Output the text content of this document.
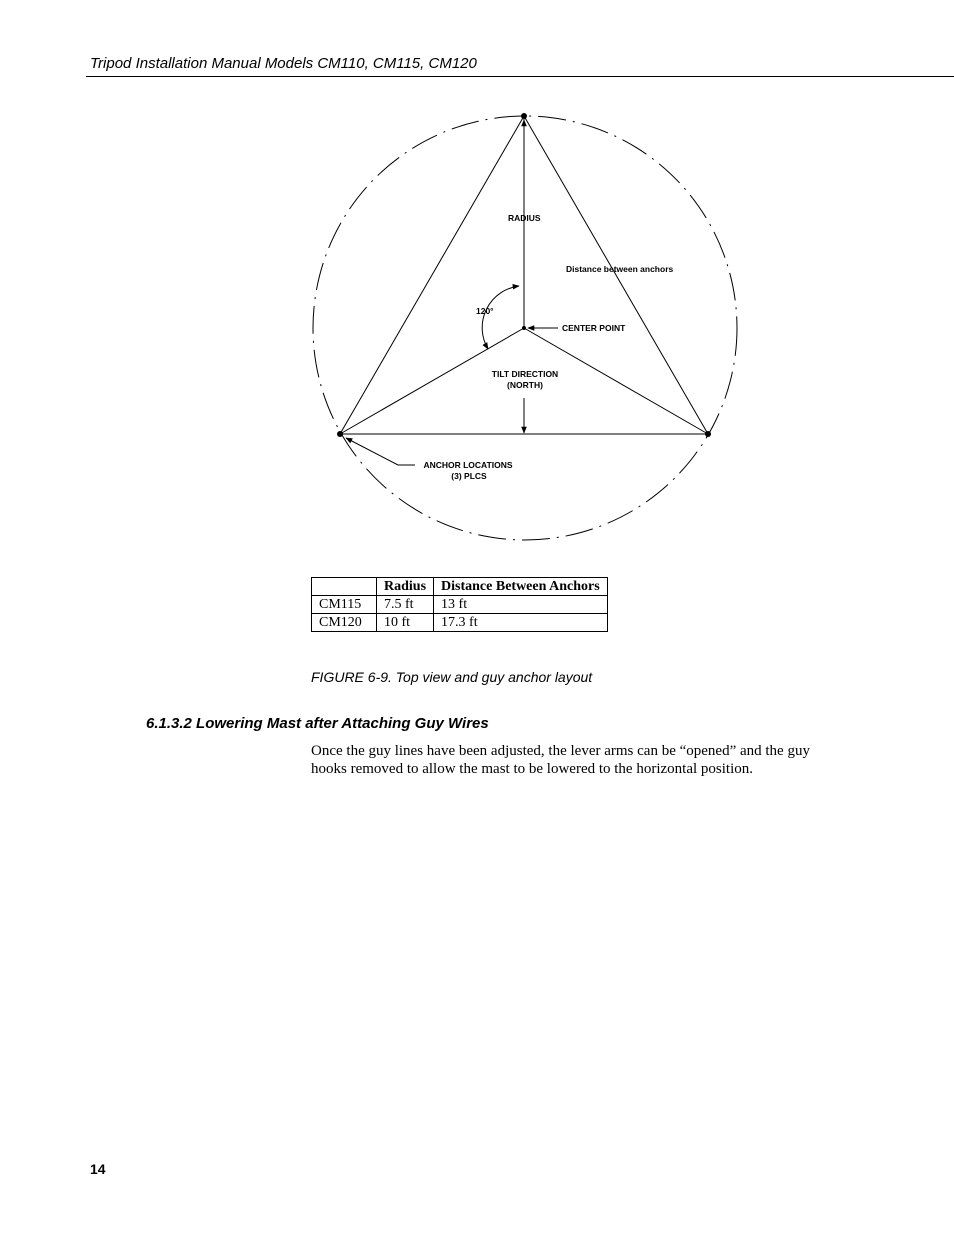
Tripod Installation Manual Models CM110, CM115, CM120
RADIUS
Distance between anchors
120°
CENTER POINT
TILT DIRECTION
(NORTH)
ANCHOR LOCATIONS
(3) PLCS
	Radius	Distance Between Anchors
CM115	7.5 ft	13 ft
CM120	10 ft	17.3 ft
FIGURE 6-9. Top view and guy anchor layout
6.1.3.2 Lowering Mast after Attaching Guy Wires
Once the guy lines have been adjusted, the lever arms can be “opened” and the guy hooks removed to allow the mast to be lowered to the horizontal position.
14
